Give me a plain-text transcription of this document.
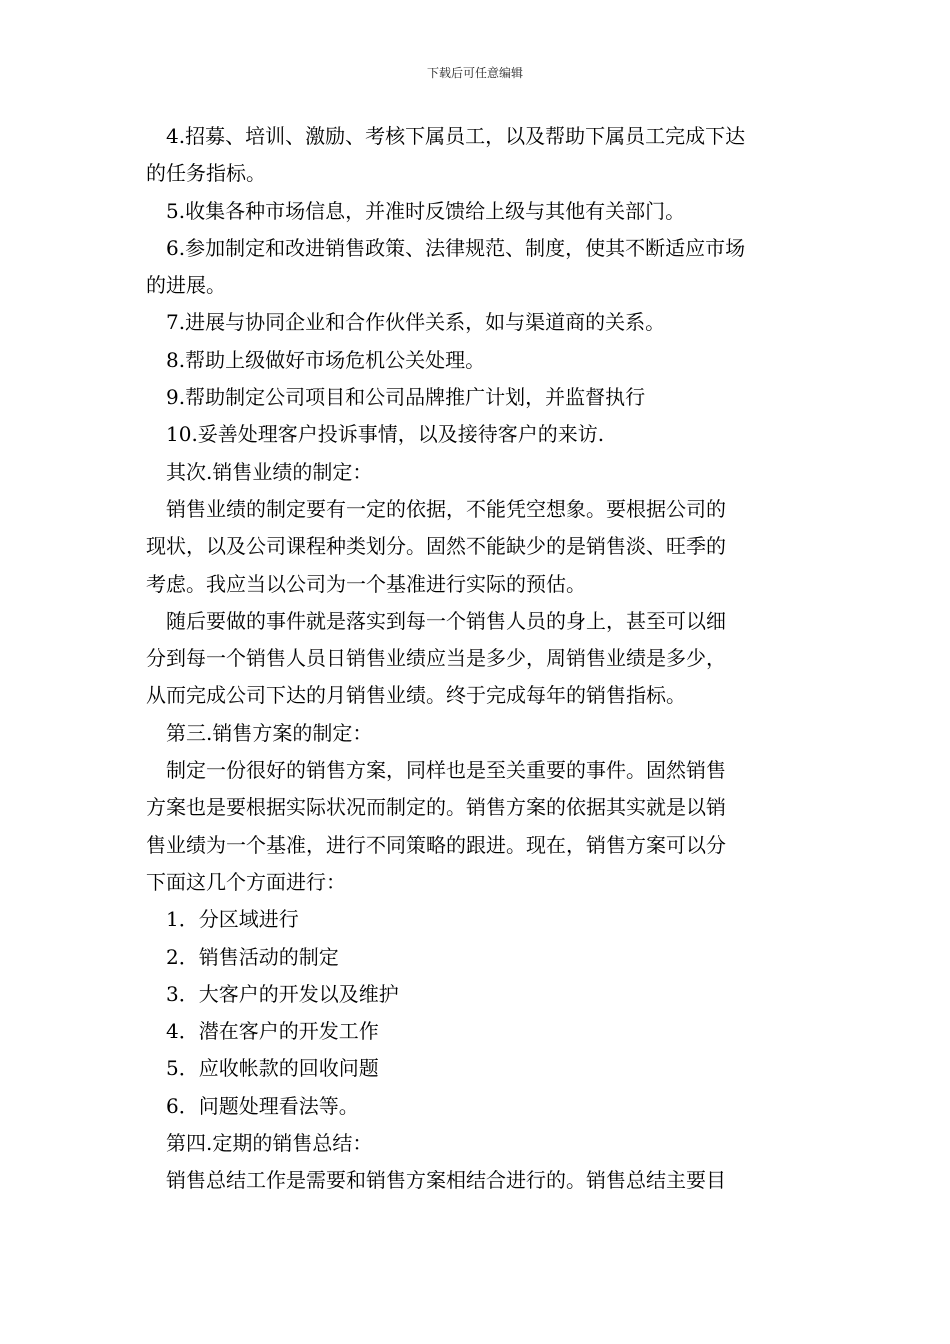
下载后可任意编辑
4.招募、培训、激励、考核下属员工，以及帮助下属员工完成下达
的任务指标。
5.收集各种市场信息，并准时反馈给上级与其他有关部门。
6.参加制定和改进销售政策、法律规范、制度，使其不断适应市场
的进展。
7.进展与协同企业和合作伙伴关系，如与渠道商的关系。
8.帮助上级做好市场危机公关处理。
9.帮助制定公司项目和公司品牌推广计划，并监督执行
10.妥善处理客户投诉事情，以及接待客户的来访.
其次.销售业绩的制定：
销售业绩的制定要有一定的依据，不能凭空想象。要根据公司的
现状，以及公司课程种类划分。固然不能缺少的是销售淡、旺季的
考虑。我应当以公司为一个基准进行实际的预估。
随后要做的事件就是落实到每一个销售人员的身上，甚至可以细
分到每一个销售人员日销售业绩应当是多少，周销售业绩是多少，
从而完成公司下达的月销售业绩。终于完成每年的销售指标。
第三.销售方案的制定：
制定一份很好的销售方案，同样也是至关重要的事件。固然销售
方案也是要根据实际状况而制定的。销售方案的依据其实就是以销
售业绩为一个基准，进行不同策略的跟进。现在，销售方案可以分
下面这几个方面进行：
1．分区域进行
2．销售活动的制定
3．大客户的开发以及维护
4．潜在客户的开发工作
5．应收帐款的回收问题
6．问题处理看法等。
第四.定期的销售总结：
销售总结工作是需要和销售方案相结合进行的。销售总结主要目
